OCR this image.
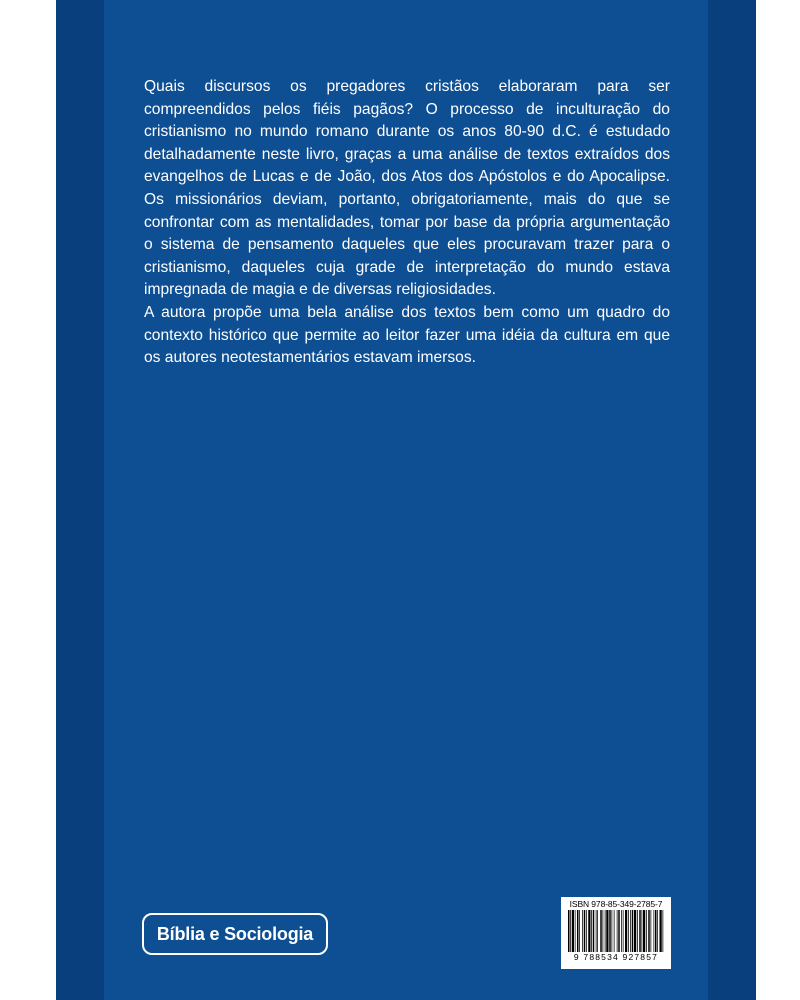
Quais discursos os pregadores cristãos elaboraram para ser compreendidos pelos fiéis pagãos? O processo de inculturação do cristianismo no mundo romano durante os anos 80-90 d.C. é estudado detalhadamente neste livro, graças a uma análise de textos extraídos dos evangelhos de Lucas e de João, dos Atos dos Apóstolos e do Apocalipse. Os missionários deviam, portanto, obrigatoriamente, mais do que se confrontar com as mentalidades, tomar por base da própria argumentação o sistema de pensamento daqueles que eles procuravam trazer para o cristianismo, daqueles cuja grade de interpretação do mundo estava impregnada de magia e de diversas religiosidades.

A autora propõe uma bela análise dos textos bem como um quadro do contexto histórico que permite ao leitor fazer uma idéia da cultura em que os autores neotestamentários estavam imersos.

Bíblia e Sociologia
ISBN 978-85-349-2785-7
9 788534 927857
